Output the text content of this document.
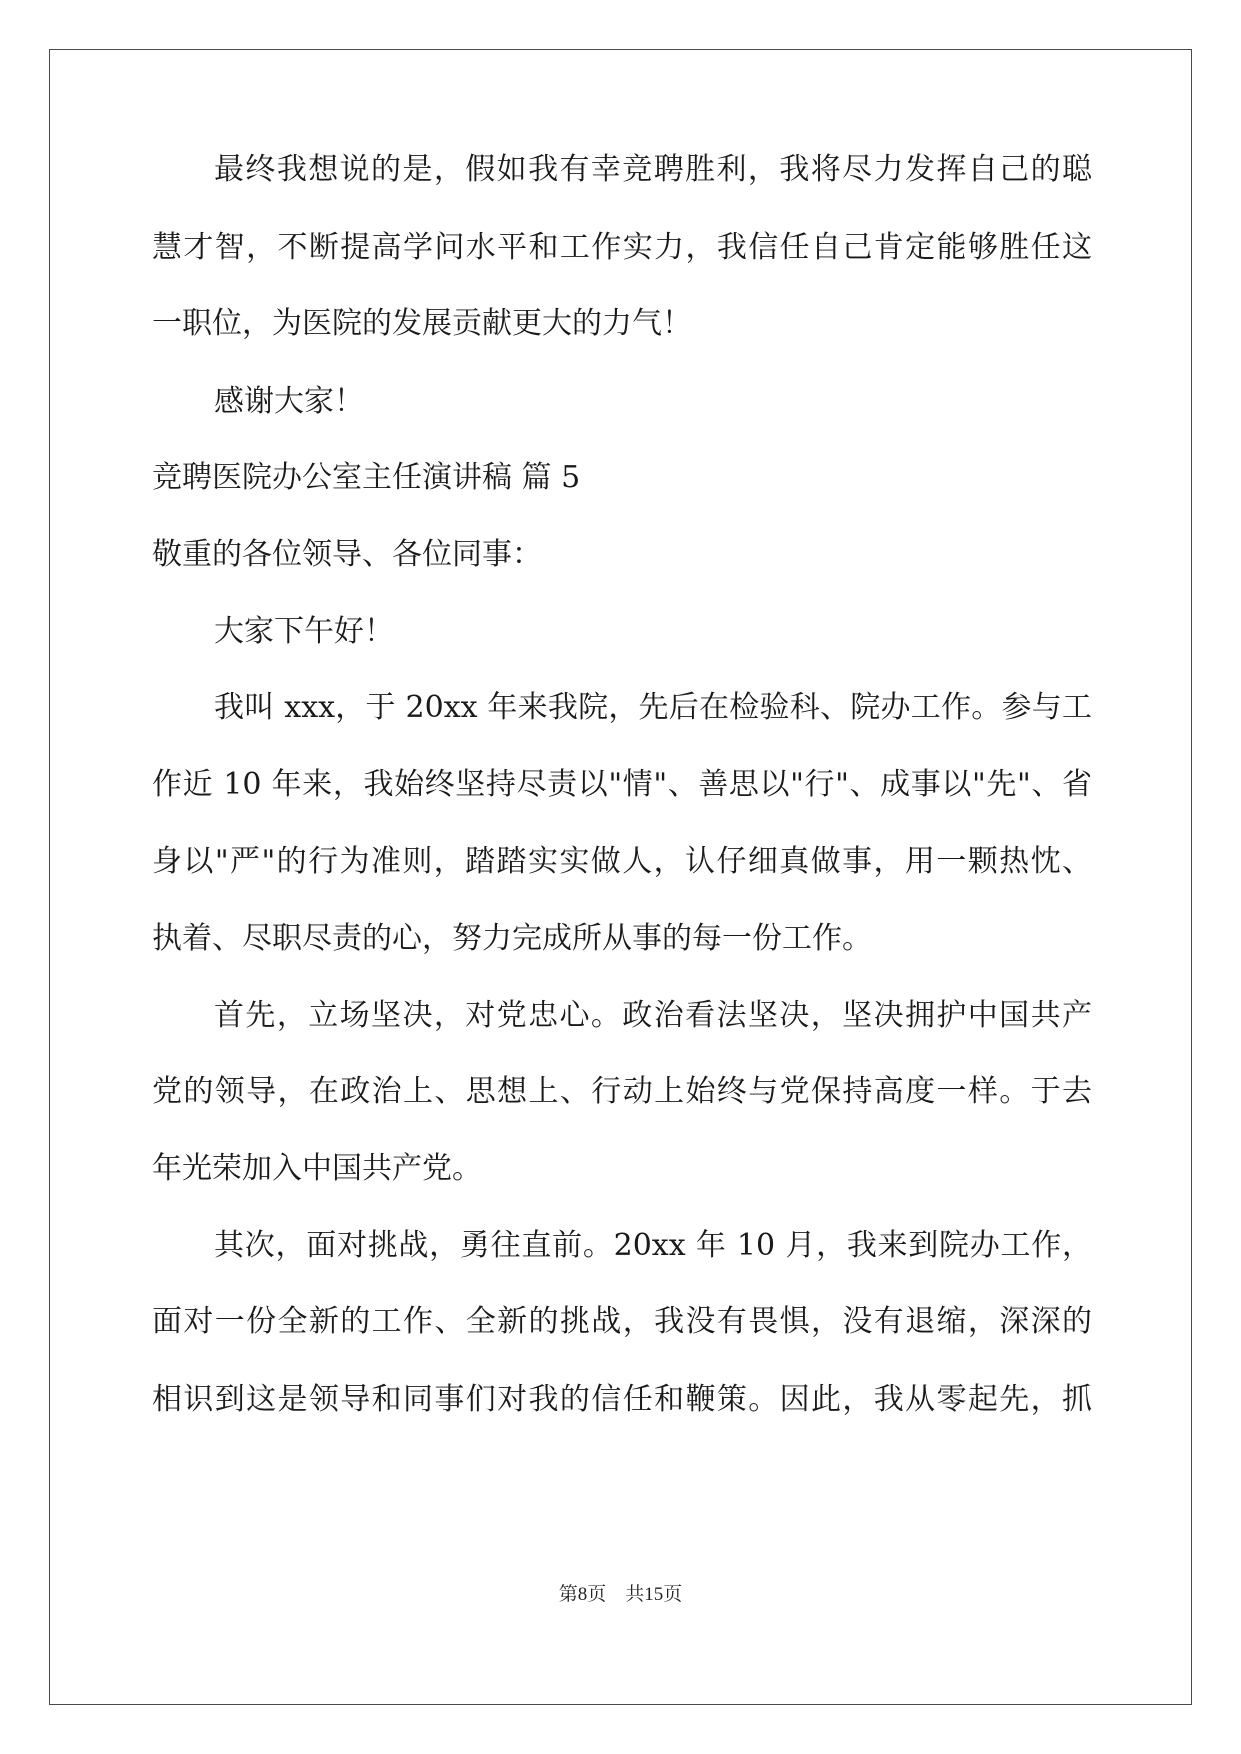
最终我想说的是，假如我有幸竞聘胜利，我将尽力发挥自己的聪

慧才智，不断提高学问水平和工作实力，我信任自己肯定能够胜任这

一职位，为医院的发展贡献更大的力气！

感谢大家！

竞聘医院办公室主任演讲稿 篇 5

敬重的各位领导、各位同事：

大家下午好！

我叫 xxx，于 20xx 年来我院，先后在检验科、院办工作。参与工

作近 10 年来，我始终坚持尽责以"情"、善思以"行"、成事以"先"、省

身以"严"的行为准则，踏踏实实做人，认仔细真做事，用一颗热忱、

执着、尽职尽责的心，努力完成所从事的每一份工作。

首先，立场坚决，对党忠心。政治看法坚决，坚决拥护中国共产

党的领导，在政治上、思想上、行动上始终与党保持高度一样。于去

年光荣加入中国共产党。

其次，面对挑战，勇往直前。20xx 年 10 月，我来到院办工作，

面对一份全新的工作、全新的挑战，我没有畏惧，没有退缩，深深的

相识到这是领导和同事们对我的信任和鞭策。因此，我从零起先，抓

第8页　共15页
